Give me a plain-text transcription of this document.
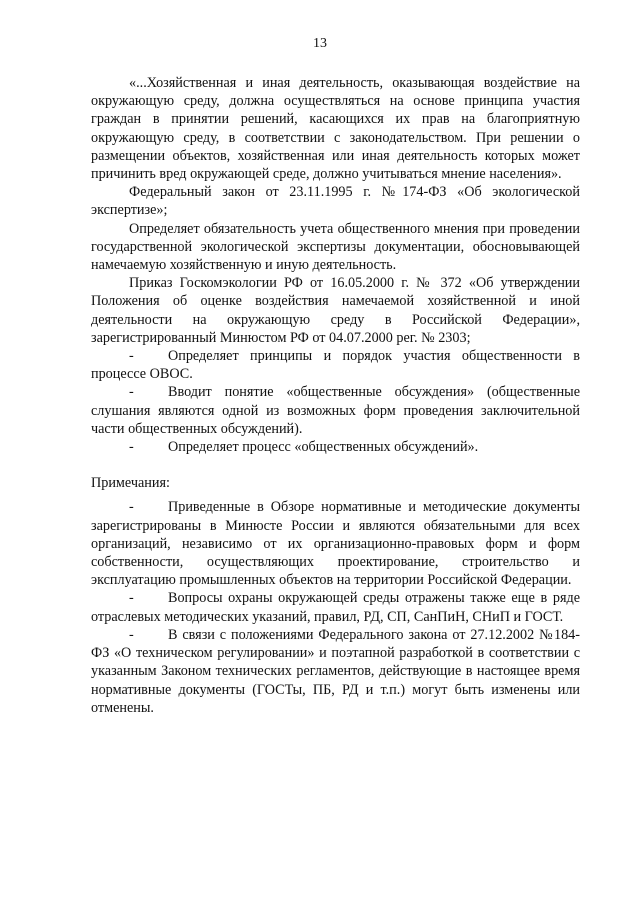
13

«...Хозяйственная и иная деятельность, оказывающая воздействие на окружающую среду, должна осуществляться на основе принципа участия граждан в принятии решений, касающихся их прав на благоприятную окружающую среду, в соответствии с законодательством. При решении о размещении объектов, хозяйственная или иная деятельность которых может причинить вред окружающей среде, должно учитываться мнение населения».

Федеральный закон от 23.11.1995 г. №174-ФЗ «Об экологической экспертизе»;

Определяет обязательность учета общественного мнения при проведении государственной экологической экспертизы документации, обосновывающей намечаемую хозяйственную и иную деятельность.

Приказ Госкомэкологии РФ от 16.05.2000 г. № 372 «Об утверждении Положения об оценке воздействия намечаемой хозяйственной и иной деятельности на окружающую среду в Российской Федерации», зарегистрированный Минюстом РФ от 04.07.2000 рег. № 2303;

- Определяет принципы и порядок участия общественности в процессе ОВОС.

- Вводит понятие «общественные обсуждения» (общественные слушания являются одной из возможных форм проведения заключительной части общественных обсуждений).

- Определяет процесс «общественных обсуждений».

Примечания:

- Приведенные в Обзоре нормативные и методические документы зарегистрированы в Минюсте России и являются обязательными для всех организаций, независимо от их организационно-правовых форм и форм собственности, осуществляющих проектирование, строительство и эксплуатацию промышленных объектов на территории Российской Федерации.

- Вопросы охраны окружающей среды отражены также еще в ряде отраслевых методических указаний, правил, РД, СП, СанПиН, СНиП и ГОСТ.

- В связи с положениями Федерального закона от 27.12.2002 №184-ФЗ «О техническом регулировании» и поэтапной разработкой в соответствии с указанным Законом технических регламентов, действующие в настоящее время нормативные документы (ГОСТы, ПБ, РД и т.п.) могут быть изменены или отменены.
